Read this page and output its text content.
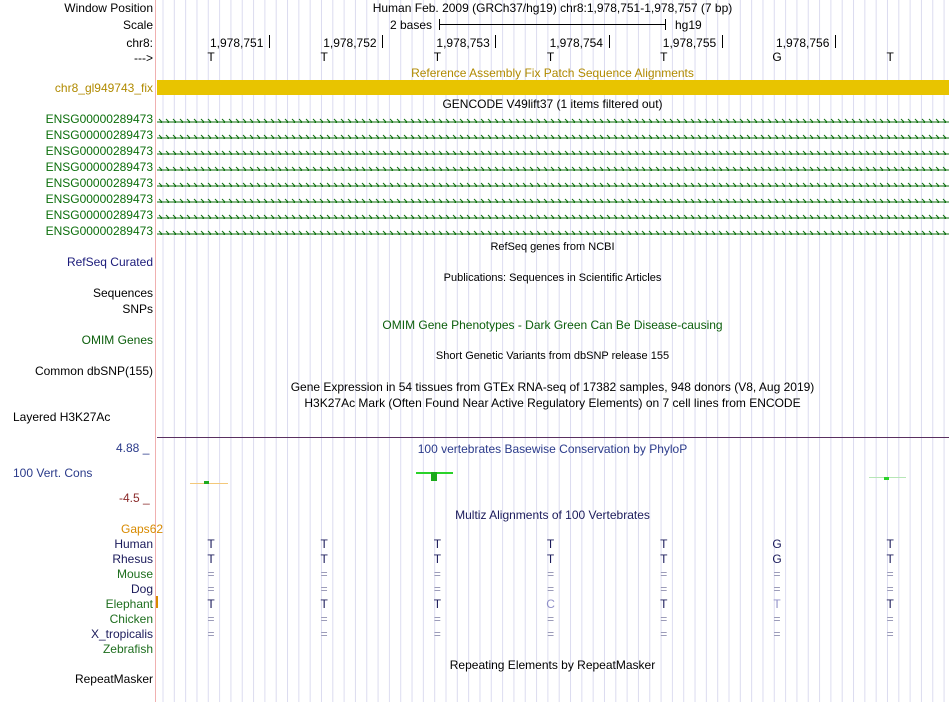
Window Position	Human Feb. 2009 (GRCh37/hg19) chr8:1,978,751-1,978,757 (7 bp)
Scale	2 bases	hg19
chr8:	1,978,751	1,978,752	1,978,753	1,978,754	1,978,755	1,978,756
--->	T	T	T	T	T	G	T
Reference Assembly Fix Patch Sequence Alignments
chr8_gl949743_fix
GENCODE V49lift37 (1 items filtered out)
ENSG00000289473
ENSG00000289473
ENSG00000289473
ENSG00000289473
ENSG00000289473
ENSG00000289473
ENSG00000289473
ENSG00000289473
RefSeq genes from NCBI
RefSeq Curated
Publications: Sequences in Scientific Articles
Sequences
SNPs
OMIM Gene Phenotypes - Dark Green Can Be Disease-causing
OMIM Genes
Short Genetic Variants from dbSNP release 155
Common dbSNP(155)
Gene Expression in 54 tissues from GTEx RNA-seq of 17382 samples, 948 donors (V8, Aug 2019)
H3K27Ac Mark (Often Found Near Active Regulatory Elements) on 7 cell lines from ENCODE
Layered H3K27Ac
100 vertebrates Basewise Conservation by PhyloP
4.88 _
100 Vert. Cons
-4.5 _
Multiz Alignments of 100 Vertebrates
Gaps62
Human	T	T	T	T	T	G	T
Rhesus	T	T	T	T	T	G	T
Mouse	=	=	=	=	=	=	=
Dog	=	=	=	=	=	=	=
Elephant	T	T	T	C	T	T	T
Chicken	=	=	=	=	=	=	=
X_tropicalis	=	=	=	=	=	=	=
Zebrafish
Repeating Elements by RepeatMasker
RepeatMasker
